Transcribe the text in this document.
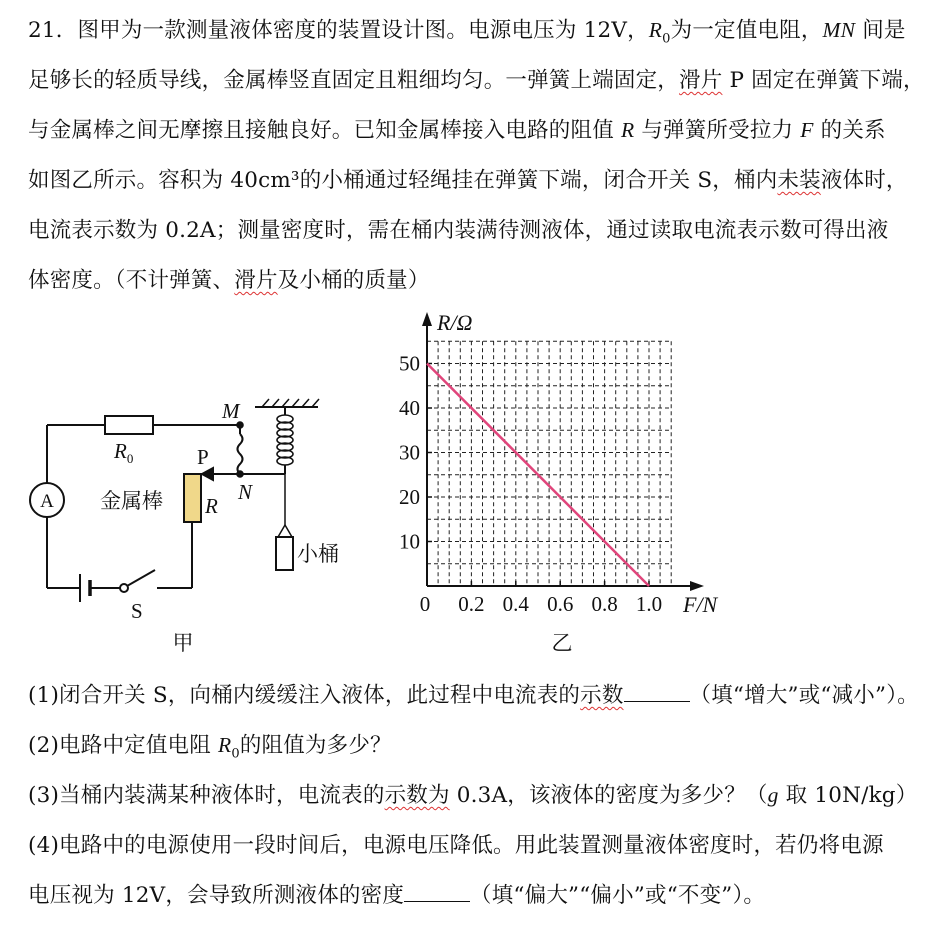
21．图甲为一款测量液体密度的装置设计图。电源电压为 12V，$R_0$为一定值电阻，MN 间是
足够长的轻质导线，金属棒竖直固定且粗细均匀。一弹簧上端固定，滑片 P 固定在弹簧下端，
与金属棒之间无摩擦且接触良好。已知金属棒接入电路的阻值 R 与弹簧所受拉力 F 的关系
如图乙所示。容积为 40cm³的小桶通过轻绳挂在弹簧下端，闭合开关 S，桶内未装液体时，
电流表示数为 0.2A；测量密度时，需在桶内装满待测液体，通过读取电流表示数可得出液
体密度。（不计弹簧、滑片及小桶的质量）
A
$R_0$
M
N
P
金属棒 R
小桶
S
甲
0.2 0.4 0.6 0.8 1.0
10
20
30
40
50
R/Ω
F/N
0
乙
(1)闭合开关 S，向桶内缓缓注入液体，此过程中电流表的示数	（填“增大”或“减小”）。
(2)电路中定值电阻 $R_0$的阻值为多少？
(3)当桶内装满某种液体时，电流表的示数为 0.3A，该液体的密度为多少？（g 取 10N/kg）
(4)电路中的电源使用一段时间后，电源电压降低。用此装置测量液体密度时，若仍将电源
电压视为 12V，会导致所测液体的密度	（填“偏大”“偏小”或“不变”）。
